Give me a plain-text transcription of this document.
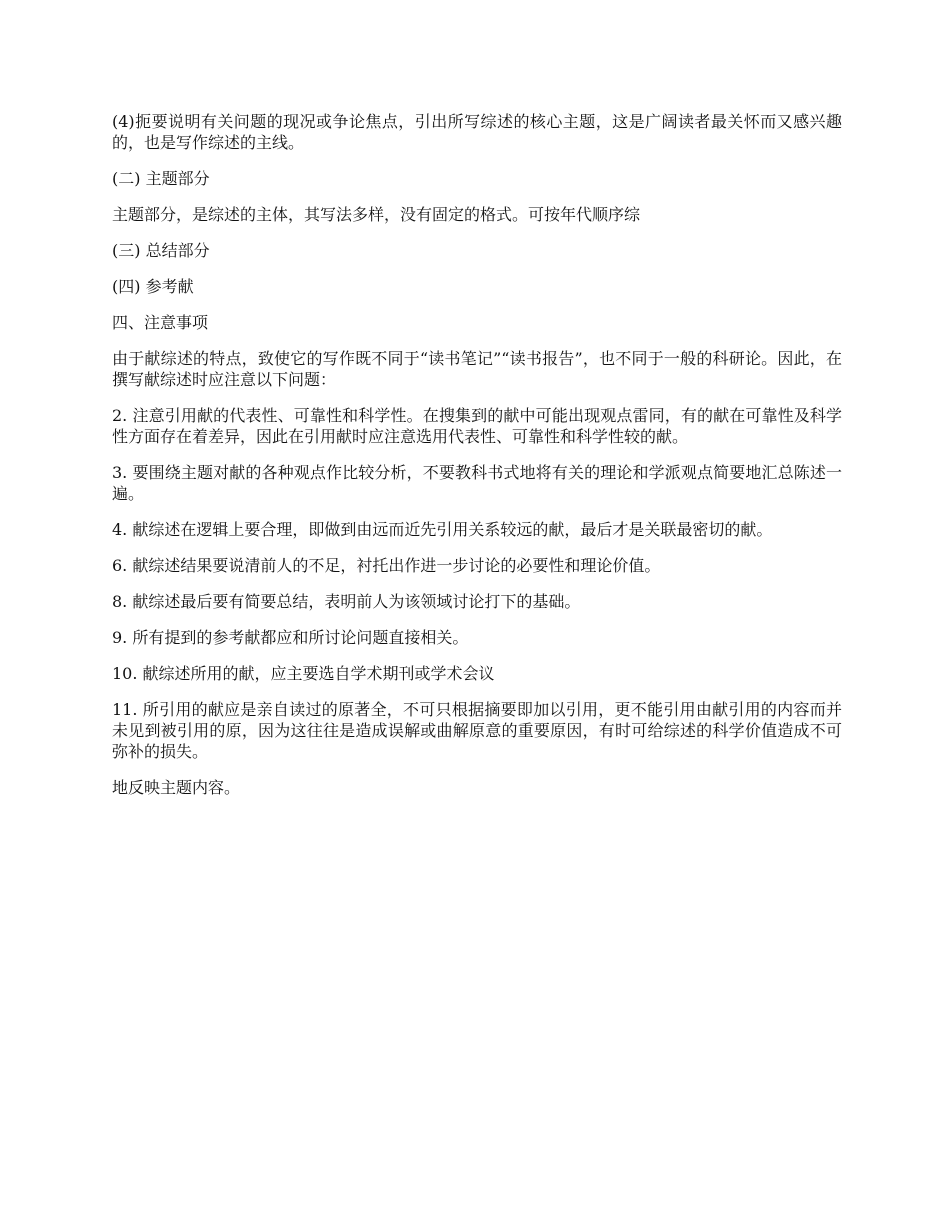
(4)扼要说明有关问题的现况或争论焦点，引出所写综述的核心主题，这是广阔读者最关怀而又感兴趣的，也是写作综述的主线。

(二) 主题部分

主题部分，是综述的主体，其写法多样，没有固定的格式。可按年代顺序综

(三) 总结部分

(四) 参考献

四、注意事项

由于献综述的特点，致使它的写作既不同于“读书笔记”“读书报告”，也不同于一般的科研论。因此，在撰写献综述时应注意以下问题：

2. 注意引用献的代表性、可靠性和科学性。在搜集到的献中可能出现观点雷同，有的献在可靠性及科学性方面存在着差异，因此在引用献时应注意选用代表性、可靠性和科学性较的献。

3. 要围绕主题对献的各种观点作比较分析，不要教科书式地将有关的理论和学派观点简要地汇总陈述一遍。

4. 献综述在逻辑上要合理，即做到由远而近先引用关系较远的献，最后才是关联最密切的献。

6. 献综述结果要说清前人的不足，衬托出作进一步讨论的必要性和理论价值。

8. 献综述最后要有简要总结，表明前人为该领域讨论打下的基础。

9. 所有提到的参考献都应和所讨论问题直接相关。

10. 献综述所用的献，应主要选自学术期刊或学术会议

11. 所引用的献应是亲自读过的原著全，不可只根据摘要即加以引用，更不能引用由献引用的内容而并未见到被引用的原，因为这往往是造成误解或曲解原意的重要原因，有时可给综述的科学价值造成不可弥补的损失。

地反映主题内容。
